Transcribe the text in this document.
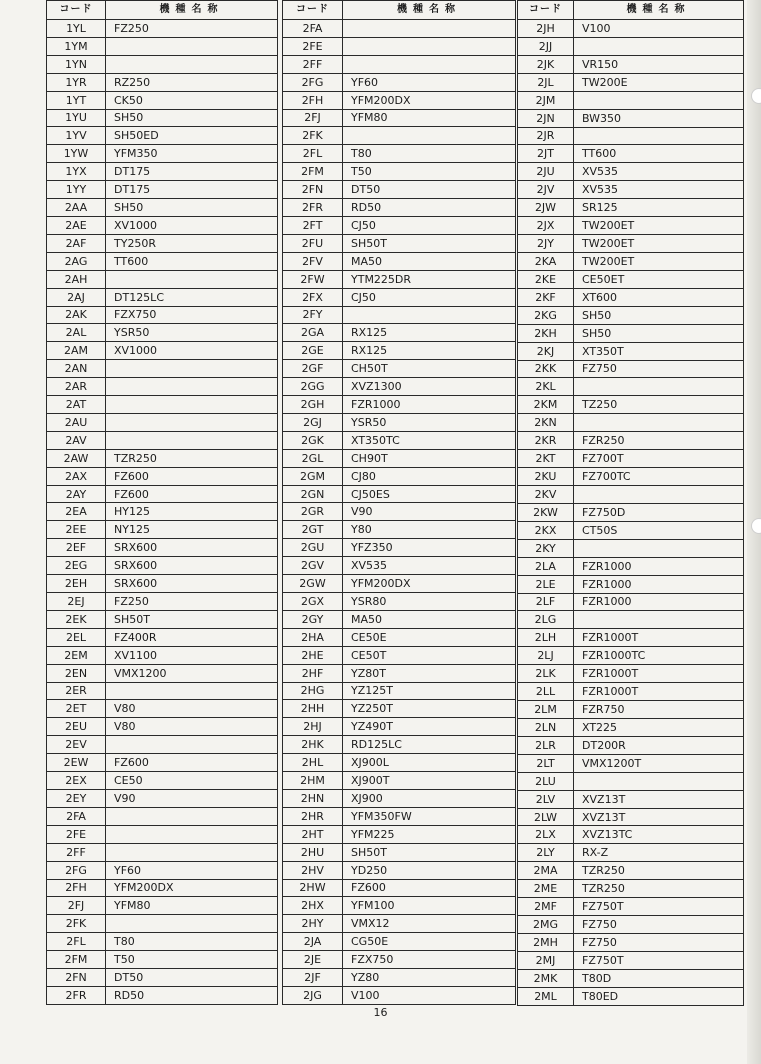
コード	機種名称
1YL	FZ250
1YM	
1YN	
1YR	RZ250
1YT	CK50
1YU	SH50
1YV	SH50ED
1YW	YFM350
1YX	DT175
1YY	DT175
2AA	SH50
2AE	XV1000
2AF	TY250R
2AG	TT600
2AH	
2AJ	DT125LC
2AK	FZX750
2AL	YSR50
2AM	XV1000
2AN	
2AR	
2AT	
2AU	
2AV	
2AW	TZR250
2AX	FZ600
2AY	FZ600
2EA	HY125
2EE	NY125
2EF	SRX600
2EG	SRX600
2EH	SRX600
2EJ	FZ250
2EK	SH50T
2EL	FZ400R
2EM	XV1100
2EN	VMX1200
2ER	
2ET	V80
2EU	V80
2EV	
2EW	FZ600
2EX	CE50
2EY	V90
2FA	
2FE	
2FF	
2FG	YF60
2FH	YFM200DX
2FJ	YFM80
2FK	
2FL	T80
2FM	T50
2FN	DT50
2FR	RD50
コード	機種名称
2FA	
2FE	
2FF	
2FG	YF60
2FH	YFM200DX
2FJ	YFM80
2FK	
2FL	T80
2FM	T50
2FN	DT50
2FR	RD50
2FT	CJ50
2FU	SH50T
2FV	MA50
2FW	YTM225DR
2FX	CJ50
2FY	
2GA	RX125
2GE	RX125
2GF	CH50T
2GG	XVZ1300
2GH	FZR1000
2GJ	YSR50
2GK	XT350TC
2GL	CH90T
2GM	CJ80
2GN	CJ50ES
2GR	V90
2GT	Y80
2GU	YFZ350
2GV	XV535
2GW	YFM200DX
2GX	YSR80
2GY	MA50
2HA	CE50E
2HE	CE50T
2HF	YZ80T
2HG	YZ125T
2HH	YZ250T
2HJ	YZ490T
2HK	RD125LC
2HL	XJ900L
2HM	XJ900T
2HN	XJ900
2HR	YFM350FW
2HT	YFM225
2HU	SH50T
2HV	YD250
2HW	FZ600
2HX	YFM100
2HY	VMX12
2JA	CG50E
2JE	FZX750
2JF	YZ80
2JG	V100
コード	機種名称
2JH	V100
2JJ	
2JK	VR150
2JL	TW200E
2JM	
2JN	BW350
2JR	
2JT	TT600
2JU	XV535
2JV	XV535
2JW	SR125
2JX	TW200ET
2JY	TW200ET
2KA	TW200ET
2KE	CE50ET
2KF	XT600
2KG	SH50
2KH	SH50
2KJ	XT350T
2KK	FZ750
2KL	
2KM	TZ250
2KN	
2KR	FZR250
2KT	FZ700T
2KU	FZ700TC
2KV	
2KW	FZ750D
2KX	CT50S
2KY	
2LA	FZR1000
2LE	FZR1000
2LF	FZR1000
2LG	
2LH	FZR1000T
2LJ	FZR1000TC
2LK	FZR1000T
2LL	FZR1000T
2LM	FZR750
2LN	XT225
2LR	DT200R
2LT	VMX1200T
2LU	
2LV	XVZ13T
2LW	XVZ13T
2LX	XVZ13TC
2LY	RX-Z
2MA	TZR250
2ME	TZR250
2MF	FZ750T
2MG	FZ750
2MH	FZ750
2MJ	FZ750T
2MK	T80D
2ML	T80ED
16
